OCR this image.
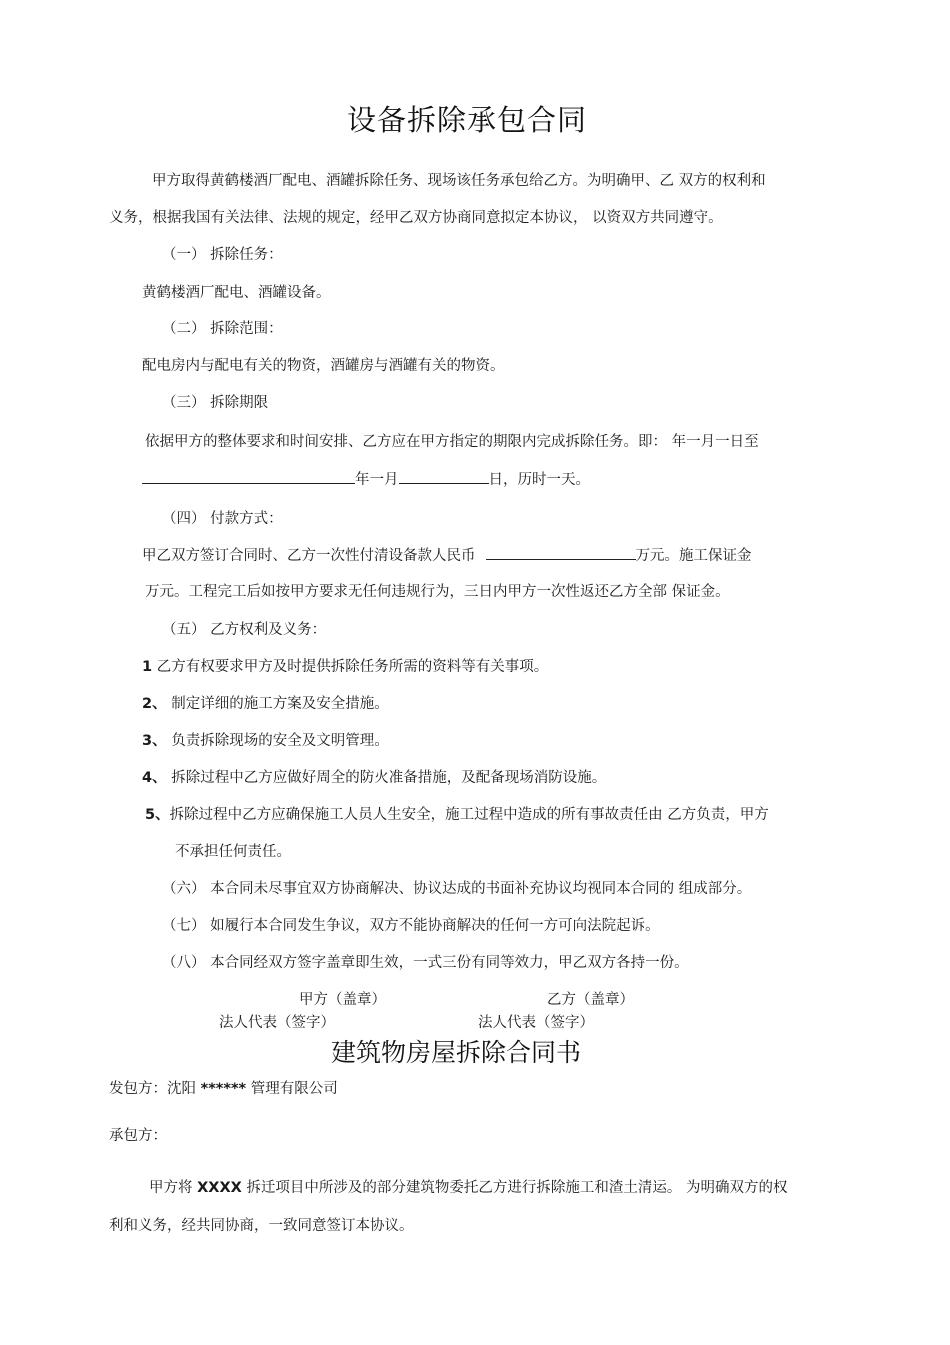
设备拆除承包合同
甲方取得黄鹤楼酒厂配电、酒罐拆除任务、现场该任务承包给乙方。为明确甲、乙 双方的权利和
义务，根据我国有关法律、法规的规定，经甲乙双方协商同意拟定本协议， 以资双方共同遵守。
（一） 拆除任务：
黄鹤楼酒厂配电、酒罐设备。
（二） 拆除范围：
配电房内与配电有关的物资，酒罐房与酒罐有关的物资。
（三） 拆除期限
依据甲方的整体要求和时间安排、乙方应在甲方指定的期限内完成拆除任务。即： 年一月一日至
年一月	日，历时一天。
（四） 付款方式：
甲乙双方签订合同时、乙方一次性付清设备款人民币	万元。施工保证金
万元。工程完工后如按甲方要求无任何违规行为，三日内甲方一次性返还乙方全部 保证金。
（五） 乙方权利及义务：
1 乙方有权要求甲方及时提供拆除任务所需的资料等有关事项。
2、 制定详细的施工方案及安全措施。
3、 负责拆除现场的安全及文明管理。
4、 拆除过程中乙方应做好周全的防火准备措施，及配备现场消防设施。
5、拆除过程中乙方应确保施工人员人生安全，施工过程中造成的所有事故责任由 乙方负责，甲方
不承担任何责任。
（六） 本合同未尽事宜双方协商解决、协议达成的书面补充协议均视同本合同的 组成部分。
（七） 如履行本合同发生争议，双方不能协商解决的任何一方可向法院起诉。
（八） 本合同经双方签字盖章即生效，一式三份有同等效力，甲乙双方各持一份。
甲方（盖章）	乙方（盖章）
法人代表（签字）	法人代表（签字）
建筑物房屋拆除合同书
发包方：沈阳 ****** 管理有限公司
承包方：
甲方将 XXXX 拆迁项目中所涉及的部分建筑物委托乙方进行拆除施工和渣土清运。 为明确双方的权
利和义务，经共同协商，一致同意签订本协议。
